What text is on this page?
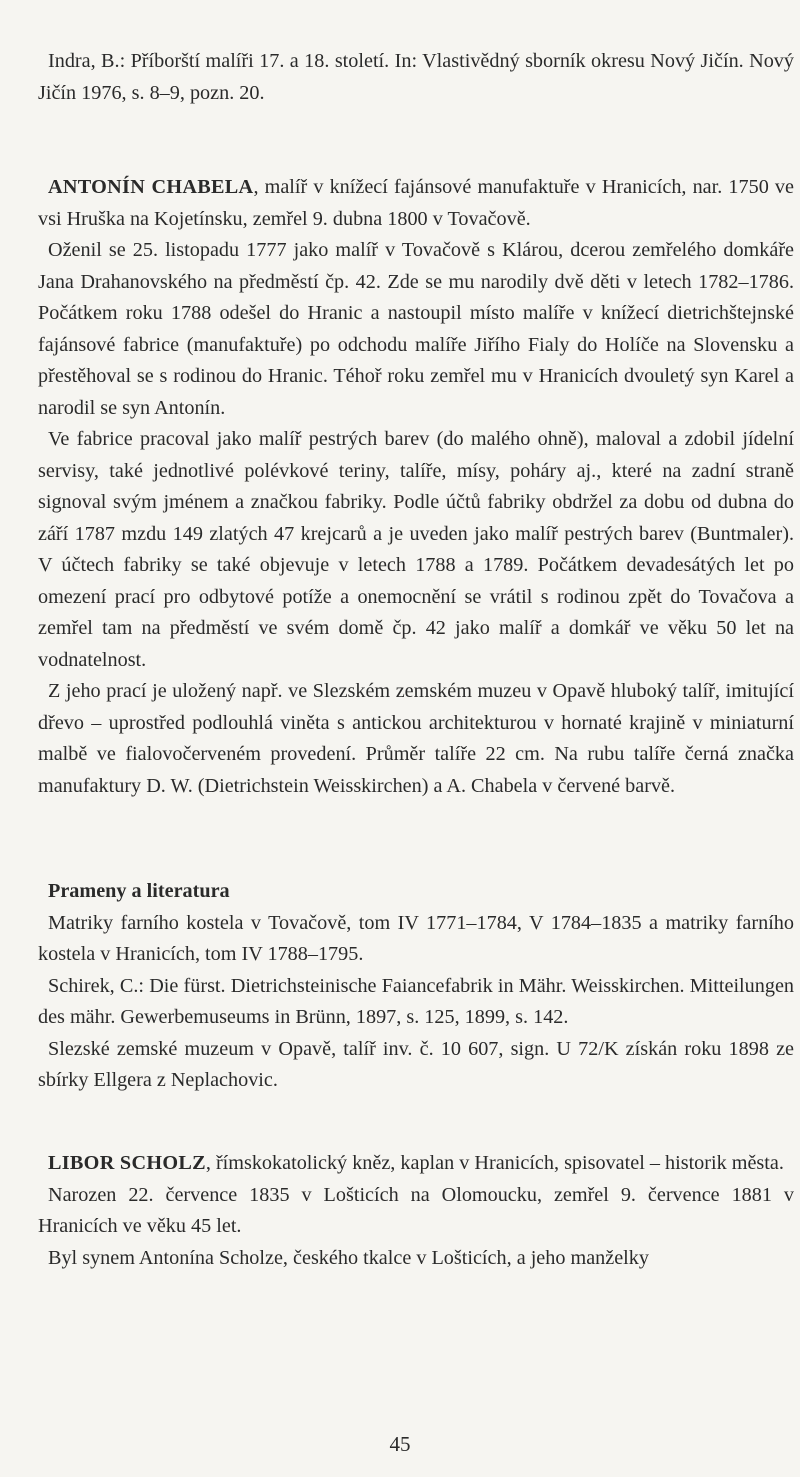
Indra, B.: Příborští malíři 17. a 18. století. In: Vlastivědný sborník okresu Nový Jičín. Nový Jičín 1976, s. 8–9, pozn. 20.

ANTONÍN CHABELA, malíř v knížecí fajánsové manufaktuře v Hranicích, nar. 1750 ve vsi Hruška na Kojetínsku, zemřel 9. dubna 1800 v Tovačově.

Oženil se 25. listopadu 1777 jako malíř v Tovačově s Klárou, dcerou zemřelého domkáře Jana Drahanovského na předměstí čp. 42. Zde se mu narodily dvě děti v letech 1782–1786. Počátkem roku 1788 odešel do Hranic a nastoupil místo malíře v knížecí dietrichštejnské fajánsové fabrice (manufaktuře) po odchodu malíře Jiřího Fialy do Holíče na Slovensku a přestěhoval se s rodinou do Hranic. Téhoř roku zemřel mu v Hranicích dvouletý syn Karel a narodil se syn Antonín.

Ve fabrice pracoval jako malíř pestrých barev (do malého ohně), maloval a zdobil jídelní servisy, také jednotlivé polévkové teriny, talíře, mísy, poháry aj., které na zadní straně signoval svým jménem a značkou fabriky. Podle účtů fabriky obdržel za dobu od dubna do září 1787 mzdu 149 zlatých 47 krejcarů a je uveden jako malíř pestrých barev (Buntmaler). V účtech fabriky se také objevuje v letech 1788 a 1789. Počátkem devadesátých let po omezení prací pro odbytové potíže a onemocnění se vrátil s rodinou zpět do Tovačova a zemřel tam na předměstí ve svém domě čp. 42 jako malíř a domkář ve věku 50 let na vodnatelnost.

Z jeho prací je uložený např. ve Slezském zemském muzeu v Opavě hluboký talíř, imitující dřevo – uprostřed podlouhlá viněta s antickou architekturou v hornaté krajině v miniaturní malbě ve fialovočerveném provedení. Průměr talíře 22 cm. Na rubu talíře černá značka manufaktury D. W. (Dietrichstein Weisskirchen) a A. Chabela v červené barvě.

Prameny a literatura

Matriky farního kostela v Tovačově, tom IV 1771–1784, V 1784–1835 a matriky farního kostela v Hranicích, tom IV 1788–1795.

Schirek, C.: Die fürst. Dietrichsteinische Faiancefabrik in Mähr. Weisskirchen. Mitteilungen des mähr. Gewerbemuseums in Brünn, 1897, s. 125, 1899, s. 142.

Slezské zemské muzeum v Opavě, talíř inv. č. 10 607, sign. U 72/K získán roku 1898 ze sbírky Ellgera z Neplachovic.

LIBOR SCHOLZ, římskokatolický kněz, kaplan v Hranicích, spisovatel – historik města.

Narozen 22. července 1835 v Lošticích na Olomoucku, zemřel 9. července 1881 v Hranicích ve věku 45 let.

Byl synem Antonína Scholze, českého tkalce v Lošticích, a jeho manželky

45
